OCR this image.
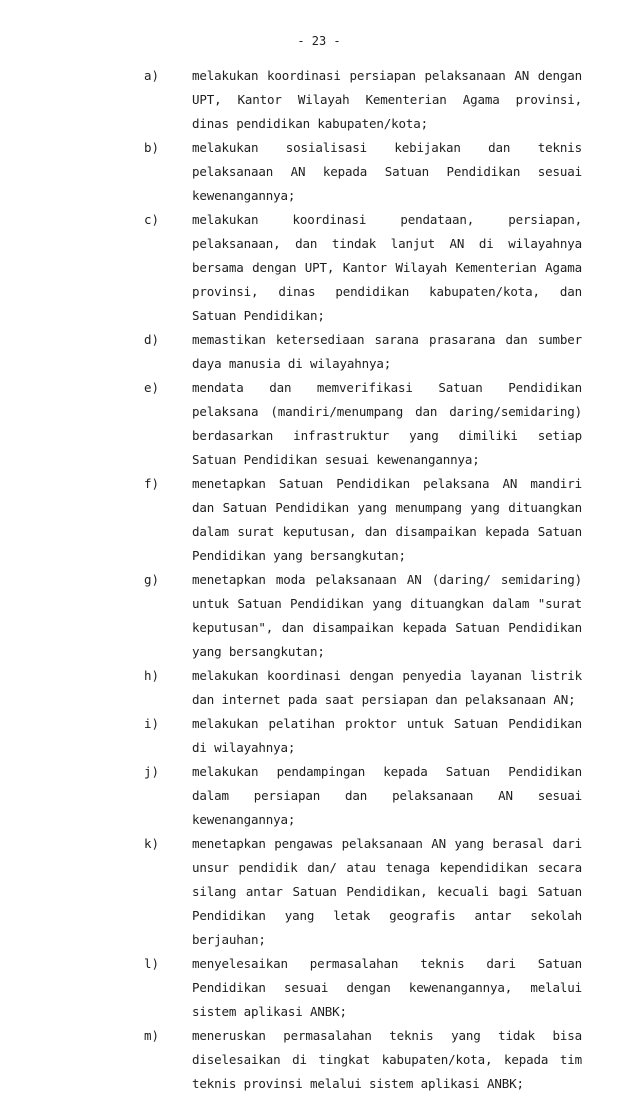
- 23 -
a)	melakukan koordinasi persiapan pelaksanaan AN dengan UPT, Kantor Wilayah Kementerian Agama provinsi, dinas pendidikan kabupaten/kota;
b)	melakukan sosialisasi kebijakan dan teknis pelaksanaan AN kepada Satuan Pendidikan sesuai kewenangannya;
c)	melakukan koordinasi pendataan, persiapan, pelaksanaan, dan tindak lanjut AN di wilayahnya bersama dengan UPT, Kantor Wilayah Kementerian Agama provinsi, dinas pendidikan kabupaten/kota, dan Satuan Pendidikan;
d)	memastikan ketersediaan sarana prasarana dan sumber daya manusia di wilayahnya;
e)	mendata dan memverifikasi Satuan Pendidikan pelaksana (mandiri/menumpang dan daring/semidaring) berdasarkan infrastruktur yang dimiliki setiap Satuan Pendidikan sesuai kewenangannya;
f)	menetapkan Satuan Pendidikan pelaksana AN mandiri dan Satuan Pendidikan yang menumpang yang dituangkan dalam surat keputusan, dan disampaikan kepada Satuan Pendidikan yang bersangkutan;
g)	menetapkan moda pelaksanaan AN (daring/ semidaring) untuk Satuan Pendidikan yang dituangkan dalam "surat keputusan", dan disampaikan kepada Satuan Pendidikan yang bersangkutan;
h)	melakukan koordinasi dengan penyedia layanan listrik dan internet pada saat persiapan dan pelaksanaan AN;
i)	melakukan pelatihan proktor untuk Satuan Pendidikan di wilayahnya;
j)	melakukan pendampingan kepada Satuan Pendidikan dalam persiapan dan pelaksanaan AN sesuai kewenangannya;
k)	menetapkan pengawas pelaksanaan AN yang berasal dari unsur pendidik dan/ atau tenaga kependidikan secara silang antar Satuan Pendidikan, kecuali bagi Satuan Pendidikan yang letak geografis antar sekolah berjauhan;
l)	menyelesaikan permasalahan teknis dari Satuan Pendidikan sesuai dengan kewenangannya, melalui sistem aplikasi ANBK;
m)	meneruskan permasalahan teknis yang tidak bisa diselesaikan di tingkat kabupaten/kota, kepada tim teknis provinsi melalui sistem aplikasi ANBK;
